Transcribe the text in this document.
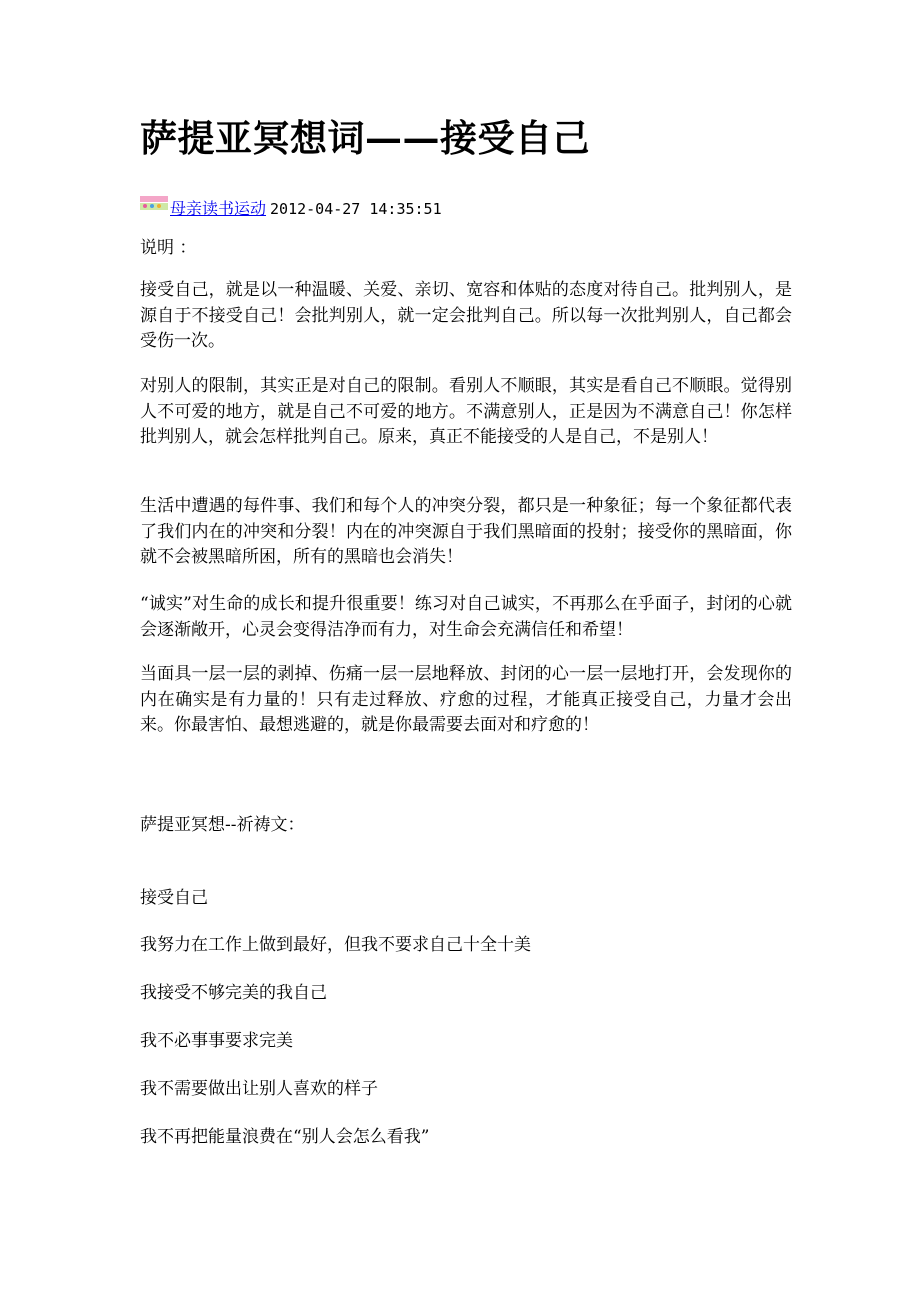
萨提亚冥想词——接受自己
母亲读书运动 2012-04-27 14:35:51

说明 ：

接受自己，就是以一种温暖、关爱、亲切、宽容和体贴的态度对待自己。批判别人，是源自于不接受自己！会批判别人，就一定会批判自己。所以每一次批判别人，自己都会受伤一次。

对别人的限制，其实正是对自己的限制。看别人不顺眼，其实是看自己不顺眼。觉得别人不可爱的地方，就是自己不可爱的地方。不满意别人，正是因为不满意自己！你怎样批判别人，就会怎样批判自己。原来，真正不能接受的人是自己，不是别人！

生活中遭遇的每件事、我们和每个人的冲突分裂，都只是一种象征；每一个象征都代表了我们内在的冲突和分裂！内在的冲突源自于我们黑暗面的投射；接受你的黑暗面，你就不会被黑暗所困，所有的黑暗也会消失！

“诚实”对生命的成长和提升很重要！练习对自己诚实，不再那么在乎面子，封闭的心就会逐渐敞开，心灵会变得洁净而有力，对生命会充满信任和希望！

当面具一层一层的剥掉、伤痛一层一层地释放、封闭的心一层一层地打开，会发现你的内在确实是有力量的！只有走过释放、疗愈的过程，才能真正接受自己，力量才会出来。你最害怕、最想逃避的，就是你最需要去面对和疗愈的！

萨提亚冥想--祈祷文：

接受自己

我努力在工作上做到最好，但我不要求自己十全十美

我接受不够完美的我自己

我不必事事要求完美

我不需要做出让别人喜欢的样子

我不再把能量浪费在“别人会怎么看我”
